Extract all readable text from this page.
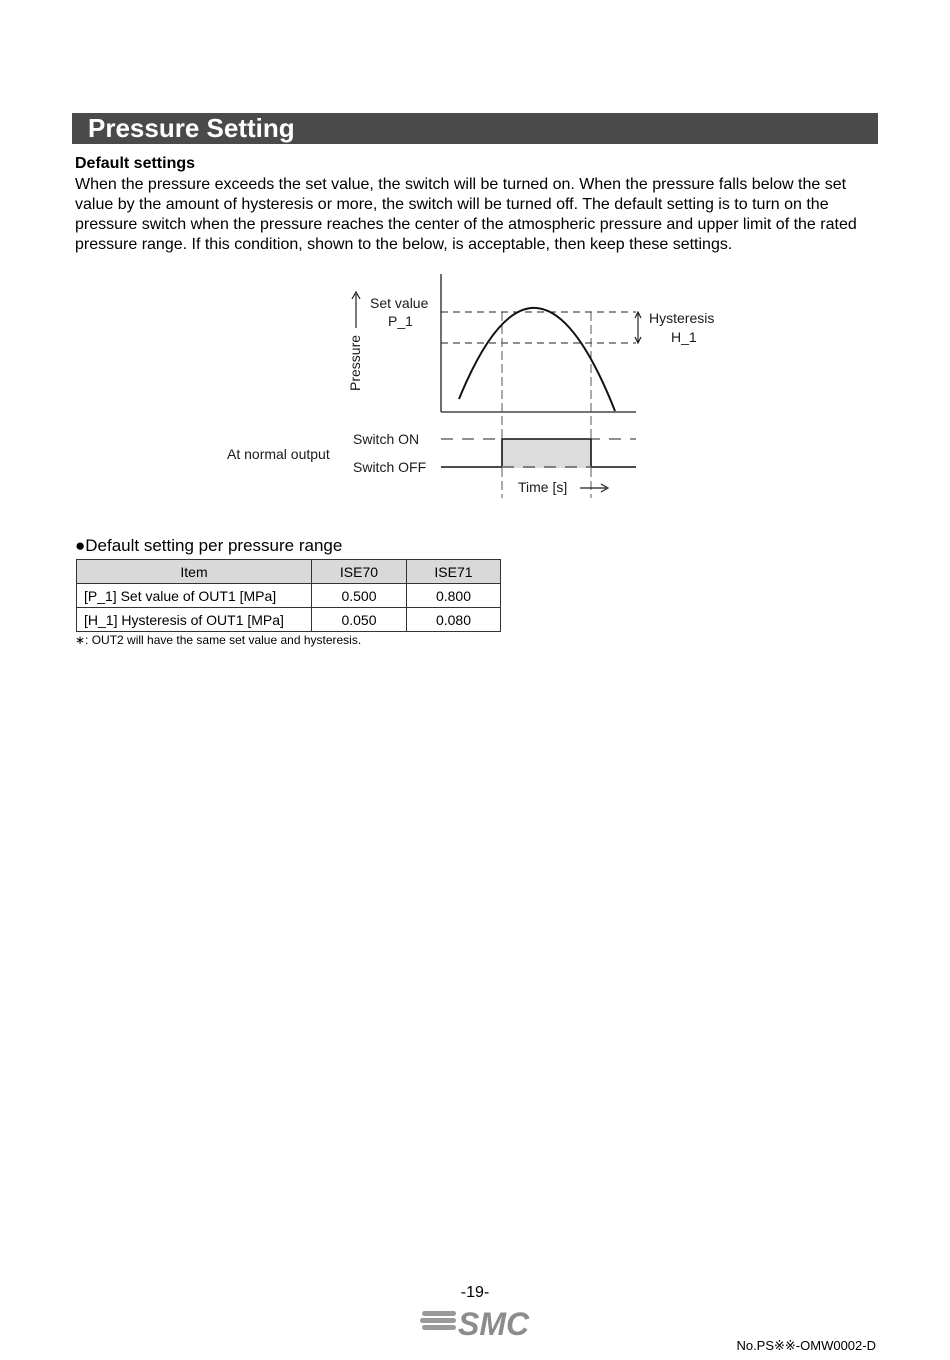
Pressure Setting
Default settings
When the pressure exceeds the set value, the switch will be turned on. When the pressure falls below the set value by the amount of hysteresis or more, the switch will be turned off. The default setting is to turn on the pressure switch when the pressure reaches the center of the atmospheric pressure and upper limit of the rated pressure range. If this condition, shown to the below, is acceptable, then keep these settings.
Pressure
Set value
P_1
At normal output
Switch ON
Switch OFF
Time [s]
Hysteresis
H_1
●Default setting per pressure range
Item	ISE70	ISE71
[P_1] Set value of OUT1 [MPa]	0.500	0.800
[H_1] Hysteresis of OUT1 [MPa]	0.050	0.080
∗: OUT2 will have the same set value and hysteresis.
-19-
SMC
No.PS※※-OMW0002-D
